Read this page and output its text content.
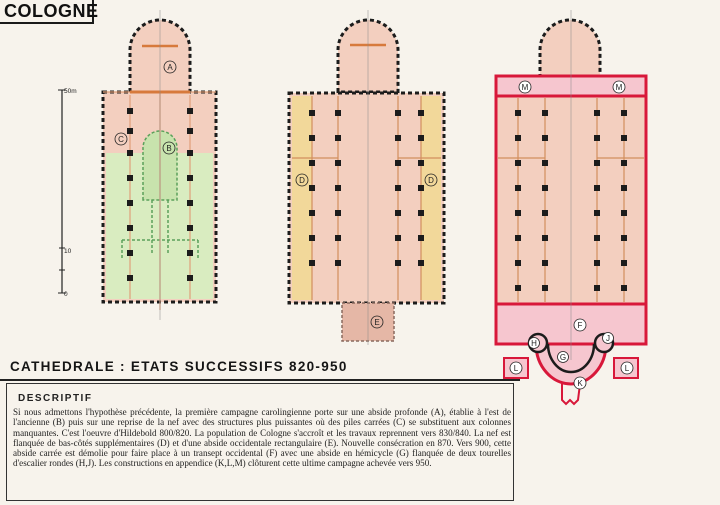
COLOGNE
50m
10
0
A
C
B
D	D
E
M	M
F
H
J
G
K
L	L
CATHEDRALE : ETATS SUCCESSIFS 820-950
DESCRIPTIF

Si nous admettons l'hypothèse précédente, la première campagne carolingienne porte sur une abside profonde (A), établie à l'est de l'ancienne (B) puis sur une reprise de la nef avec des structures plus puissantes où des piles carrées (C) se substituent aux colonnes manquantes. C'est l'oeuvre d'Hildebold 800/820. La population de Cologne s'accroît et les travaux reprennent vers 830/840. La nef est flanquée de bas-côtés supplémentaires (D) et d'une abside occidentale rectangulaire (E). Nouvelle consécration en 870. Vers 900, cette abside carrée est démolie pour faire place à un transept occidental (F) avec une abside en hémicycle (G) flanquée de deux tourelles d'escalier rondes (H,J). Les constructions en appendice (K,L,M) clôturent cette ultime campagne achevée vers 950.
